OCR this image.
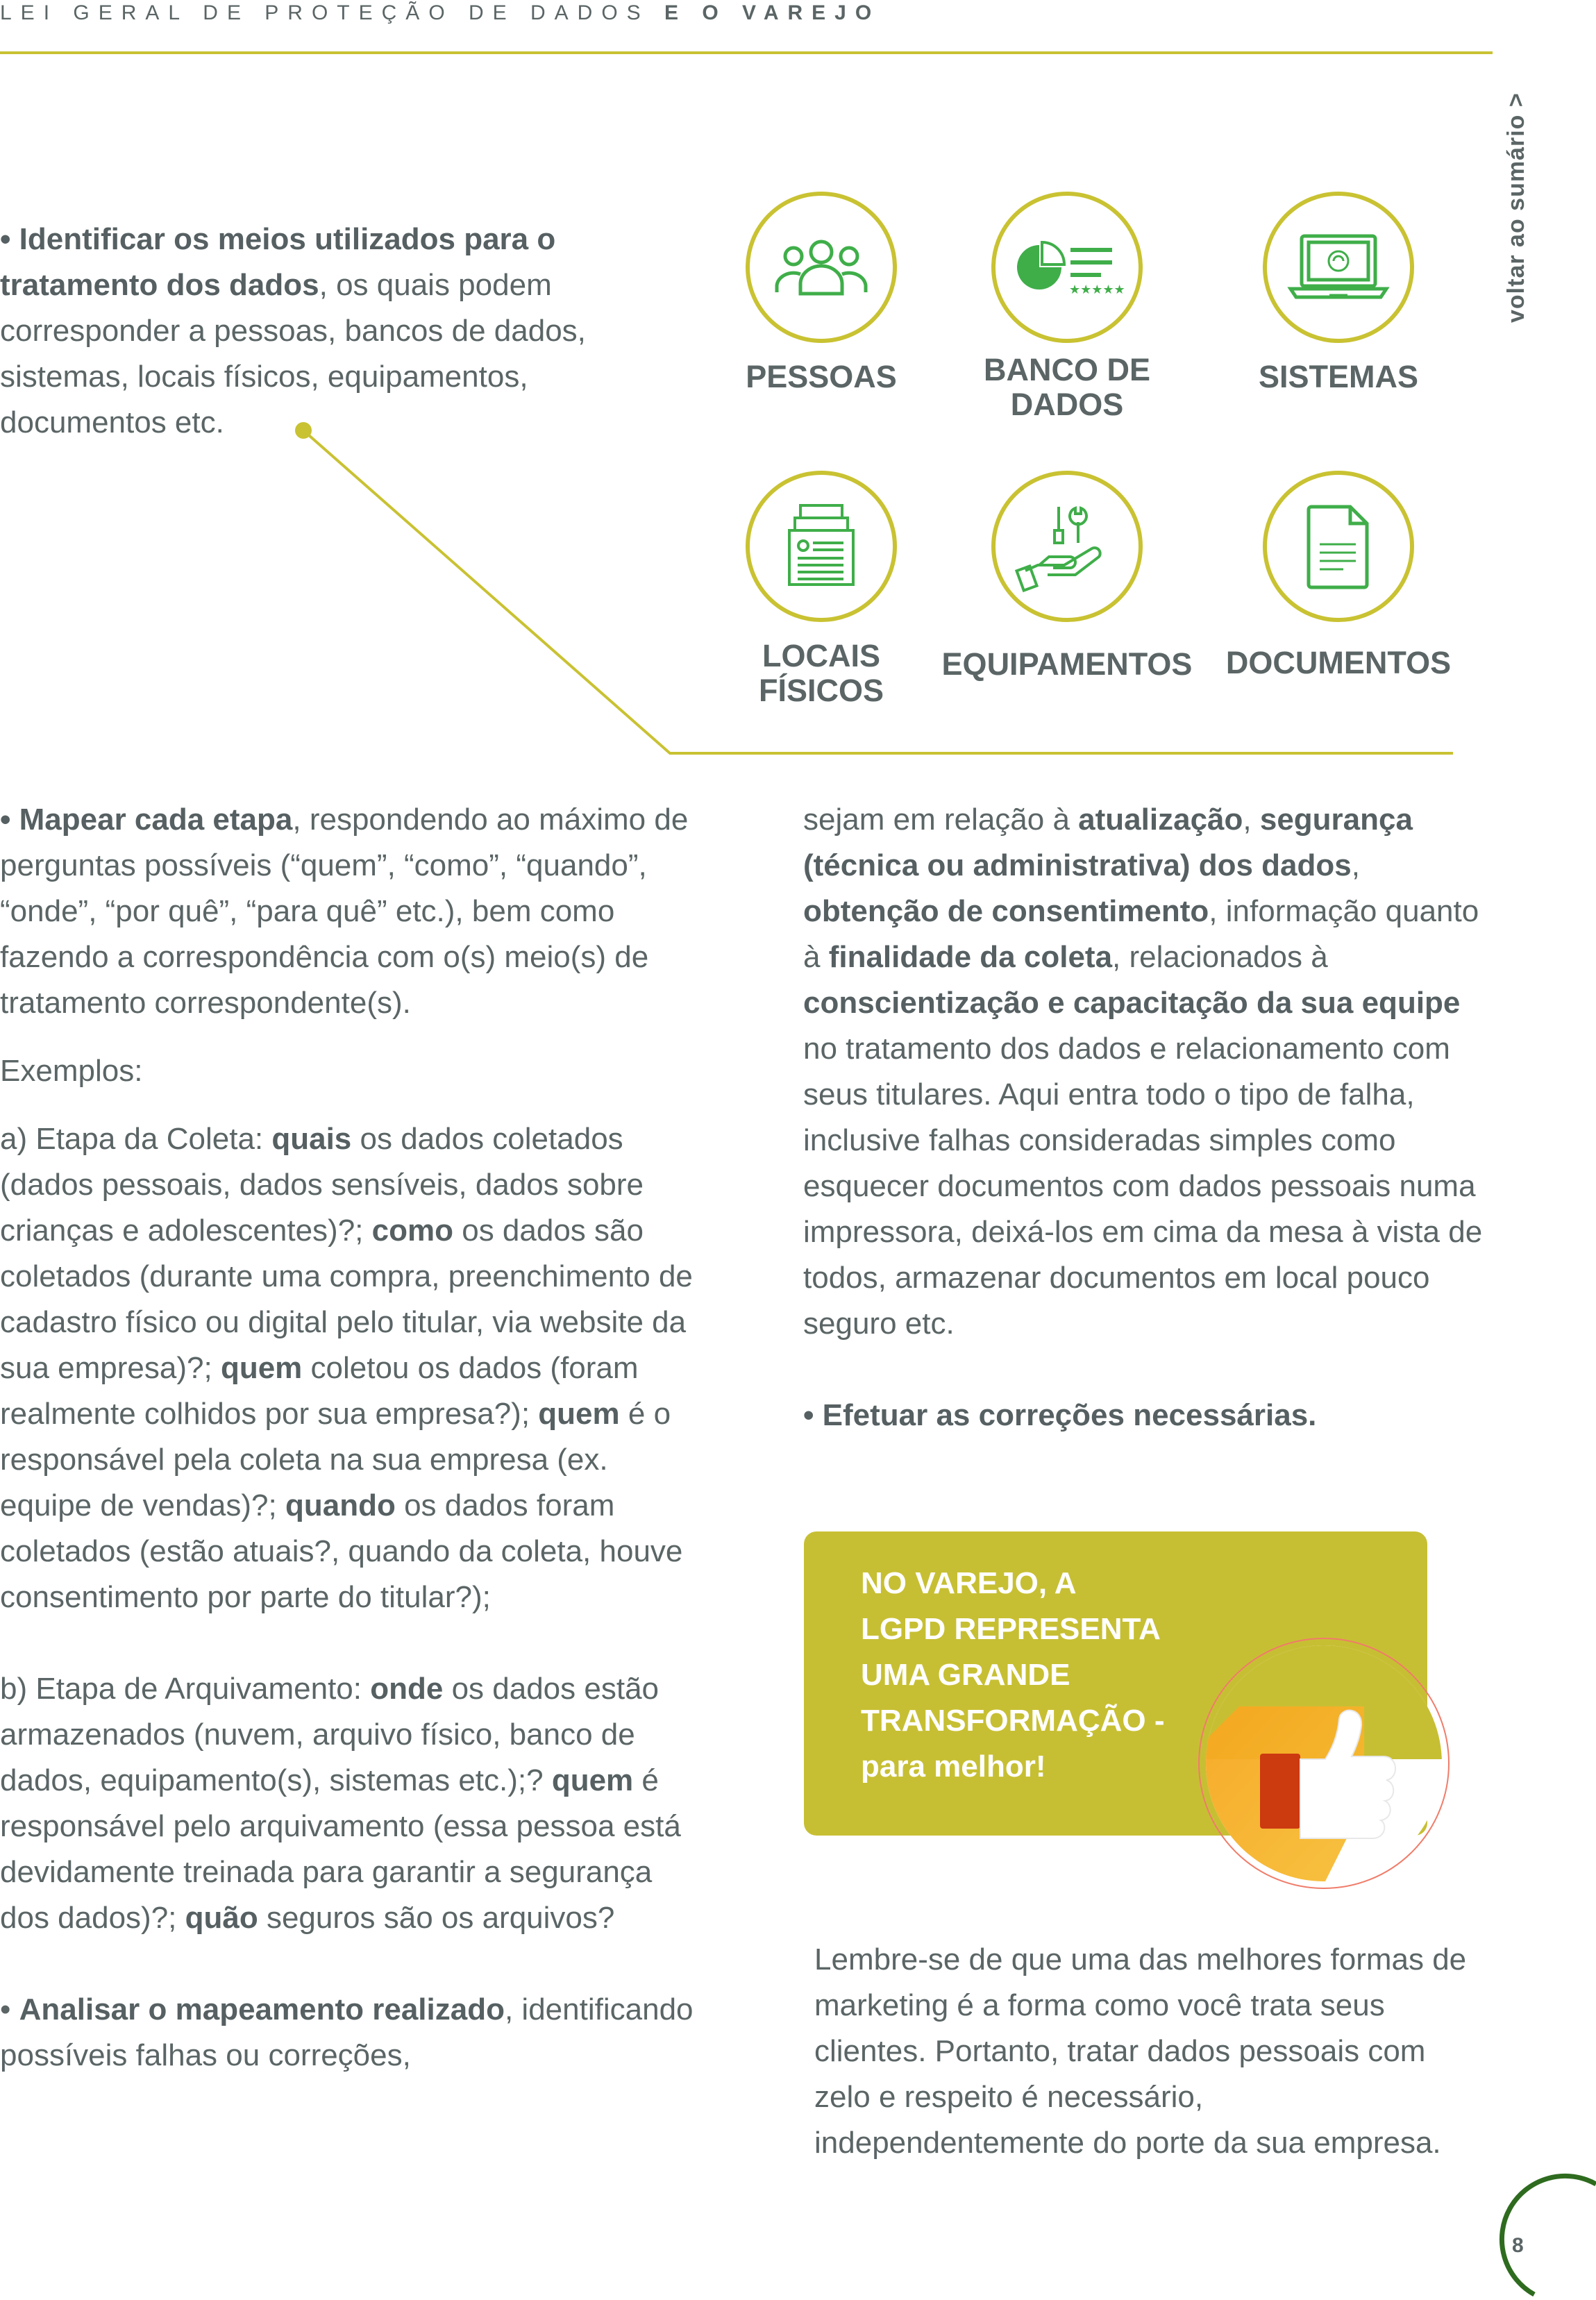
LEI GERAL DE PROTEÇÃO DE DADOS E O VAREJO
voltar ao sumário >
• Identificar os meios utilizados para o tratamento dos dados, os quais podem corresponder a pessoas, bancos de dados, sistemas, locais físicos, equipamentos, documentos etc.
PESSOAS
★★★★★
BANCO DE DADOS
SISTEMAS
LOCAIS FÍSICOS
EQUIPAMENTOS	DOCUMENTOS

• Mapear cada etapa, respondendo ao máximo de perguntas possíveis (“quem”, “como”, “quando”, “onde”, “por quê”, “para quê” etc.), bem como fazendo a correspondência com o(s) meio(s) de tratamento correspondente(s).

Exemplos:

a) Etapa da Coleta: quais os dados coletados (dados pessoais, dados sensíveis, dados sobre crianças e adolescentes)?; como os dados são coletados (durante uma compra, preenchimento de cadastro físico ou digital pelo titular, via website da sua empresa)?; quem coletou os dados (foram realmente colhidos por sua empresa?); quem é o responsável pela coleta na sua empresa (ex. equipe de vendas)?; quando os dados foram coletados (estão atuais?, quando da coleta, houve consentimento por parte do titular?);

b) Etapa de Arquivamento: onde os dados estão armazenados (nuvem, arquivo físico, banco de dados, equipamento(s), sistemas etc.);? quem é responsável pelo arquivamento (essa pessoa está devidamente treinada para garantir a segurança dos dados)?; quão seguros são os arquivos?

• Analisar o mapeamento realizado, identificando possíveis falhas ou correções,

sejam em relação à atualização, segurança (técnica ou administrativa) dos dados, obtenção de consentimento, informação quanto à finalidade da coleta, relacionados à conscientização e capacitação da sua equipe no tratamento dos dados e relacionamento com seus titulares. Aqui entra todo o tipo de falha, inclusive falhas consideradas simples como esquecer documentos com dados pessoais numa impressora, deixá-los em cima da mesa à vista de todos, armazenar documentos em local pouco seguro etc.

• Efetuar as correções necessárias.

NO VAREJO, A
LGPD REPRESENTA
UMA GRANDE
TRANSFORMAÇÃO -
para melhor!
Lembre-se de que uma das melhores formas de marketing é a forma como você trata seus clientes. Portanto, tratar dados pessoais com zelo e respeito é necessário, independentemente do porte da sua empresa.
8
